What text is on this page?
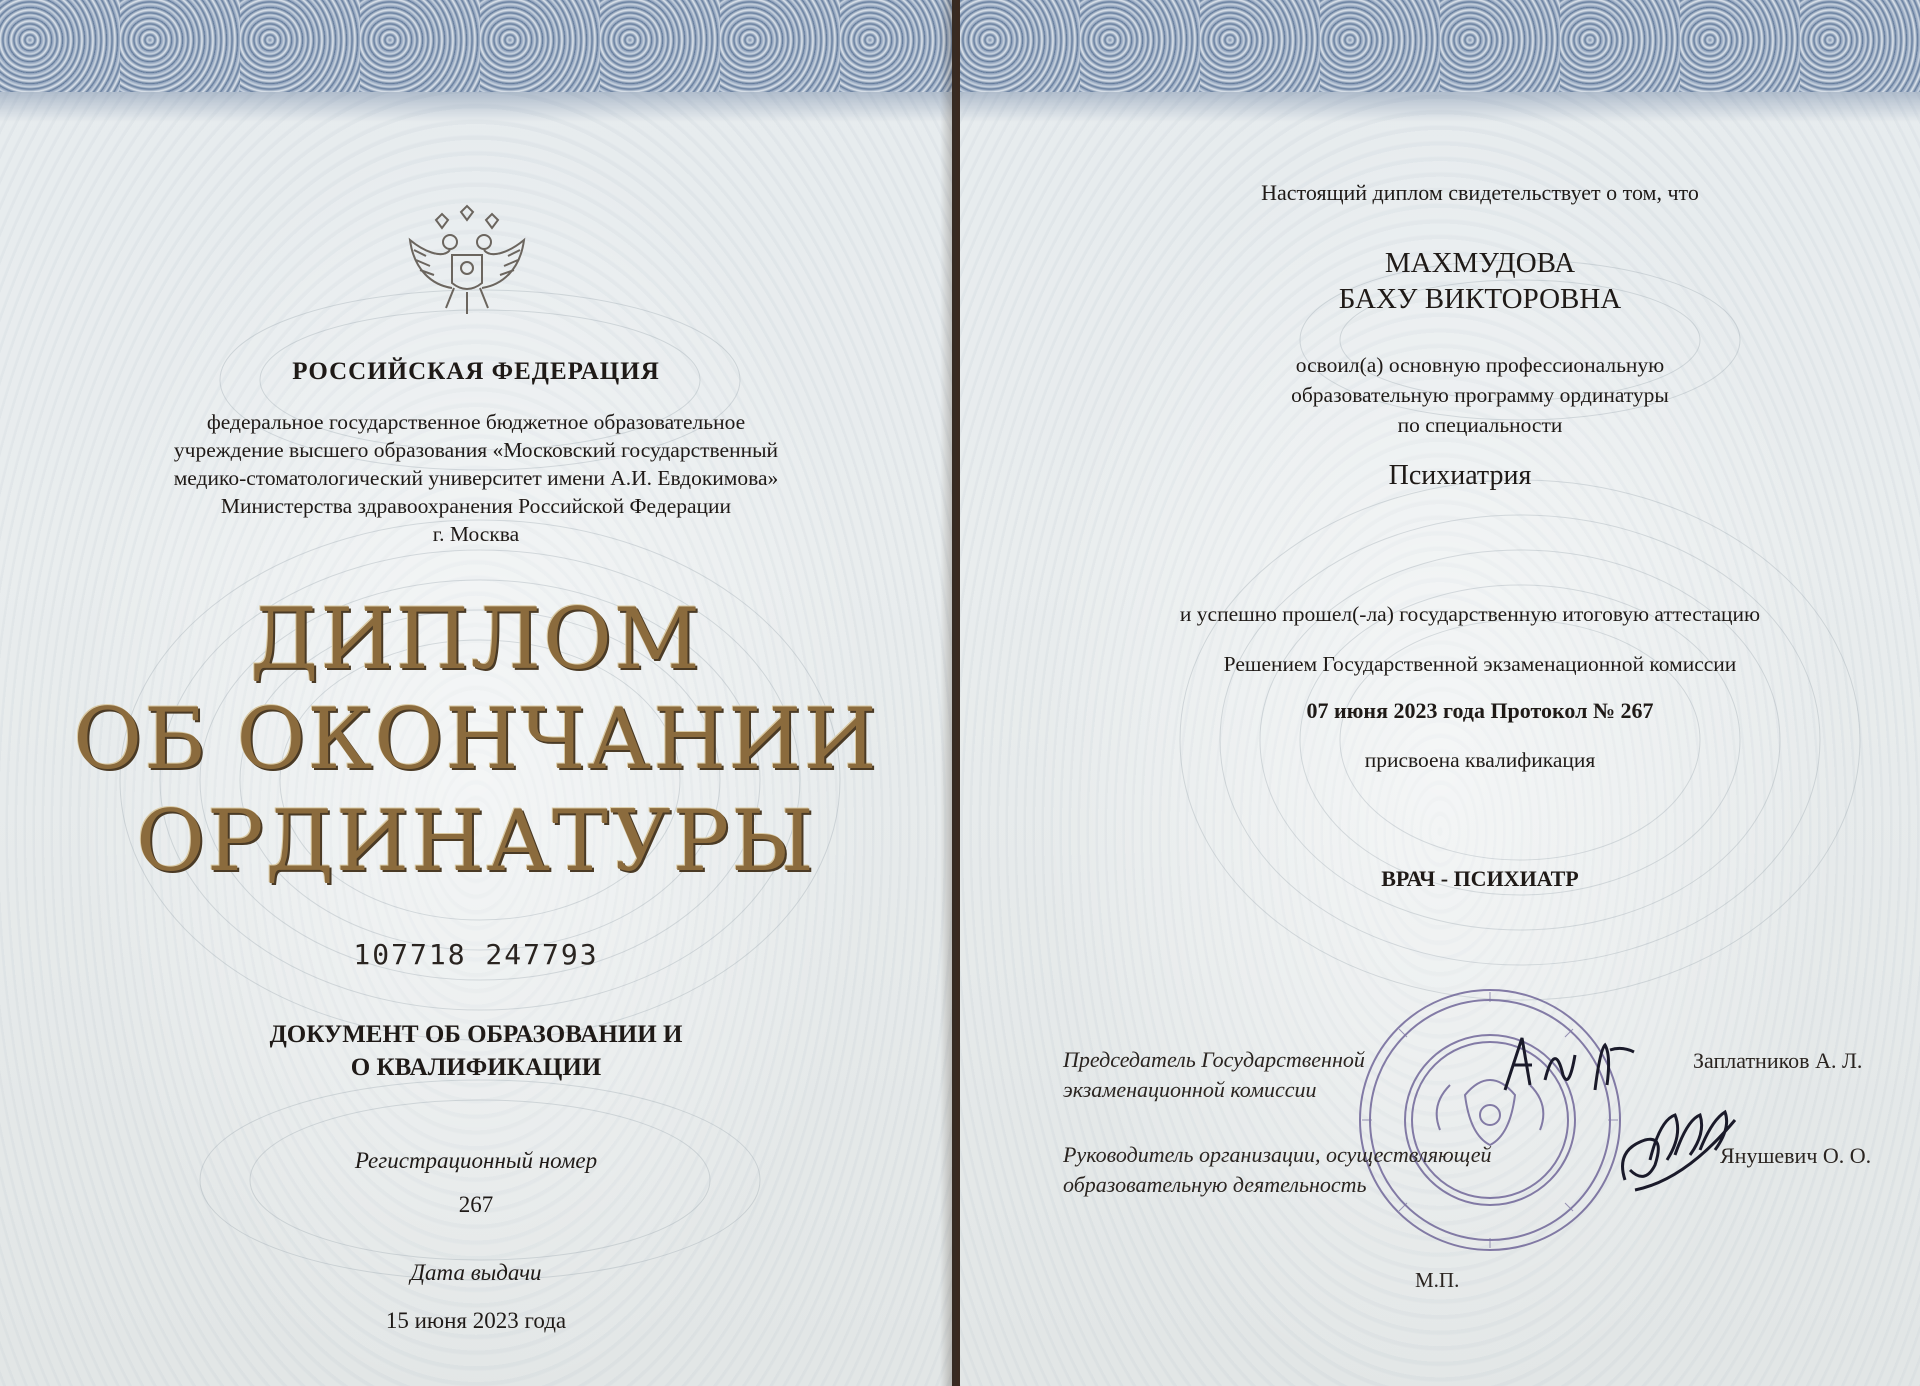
РОССИЙСКАЯ ФЕДЕРАЦИЯ
федеральное государственное бюджетное образовательное
учреждение высшего образования «Московский государственный
медико-стоматологический университет имени А.И. Евдокимова»
Министерства здравоохранения Российской Федерации
г. Москва
ДИПЛОМ
ОБ ОКОНЧАНИИ
ОРДИНАТУРЫ
107718 247793
ДОКУМЕНТ ОБ ОБРАЗОВАНИИ И
О КВАЛИФИКАЦИИ
Регистрационный номер
267
Дата выдачи
15 июня 2023 года
Настоящий диплом свидетельствует о том, что
МАХМУДОВА
БАХУ ВИКТОРОВНА
освоил(а) основную профессиональную
образовательную программу ординатуры
по специальности
Психиатрия
и успешно прошел(-ла) государственную итоговую аттестацию
Решением Государственной экзаменационной комиссии
07 июня 2023 года Протокол № 267
присвоена квалификация
ВРАЧ - ПСИХИАТР
Председатель Государственной
экзаменационной комиссии
Заплатников А. Л.
Руководитель организации, осуществляющей
образовательную деятельность
Янушевич О. О.
М.П.
